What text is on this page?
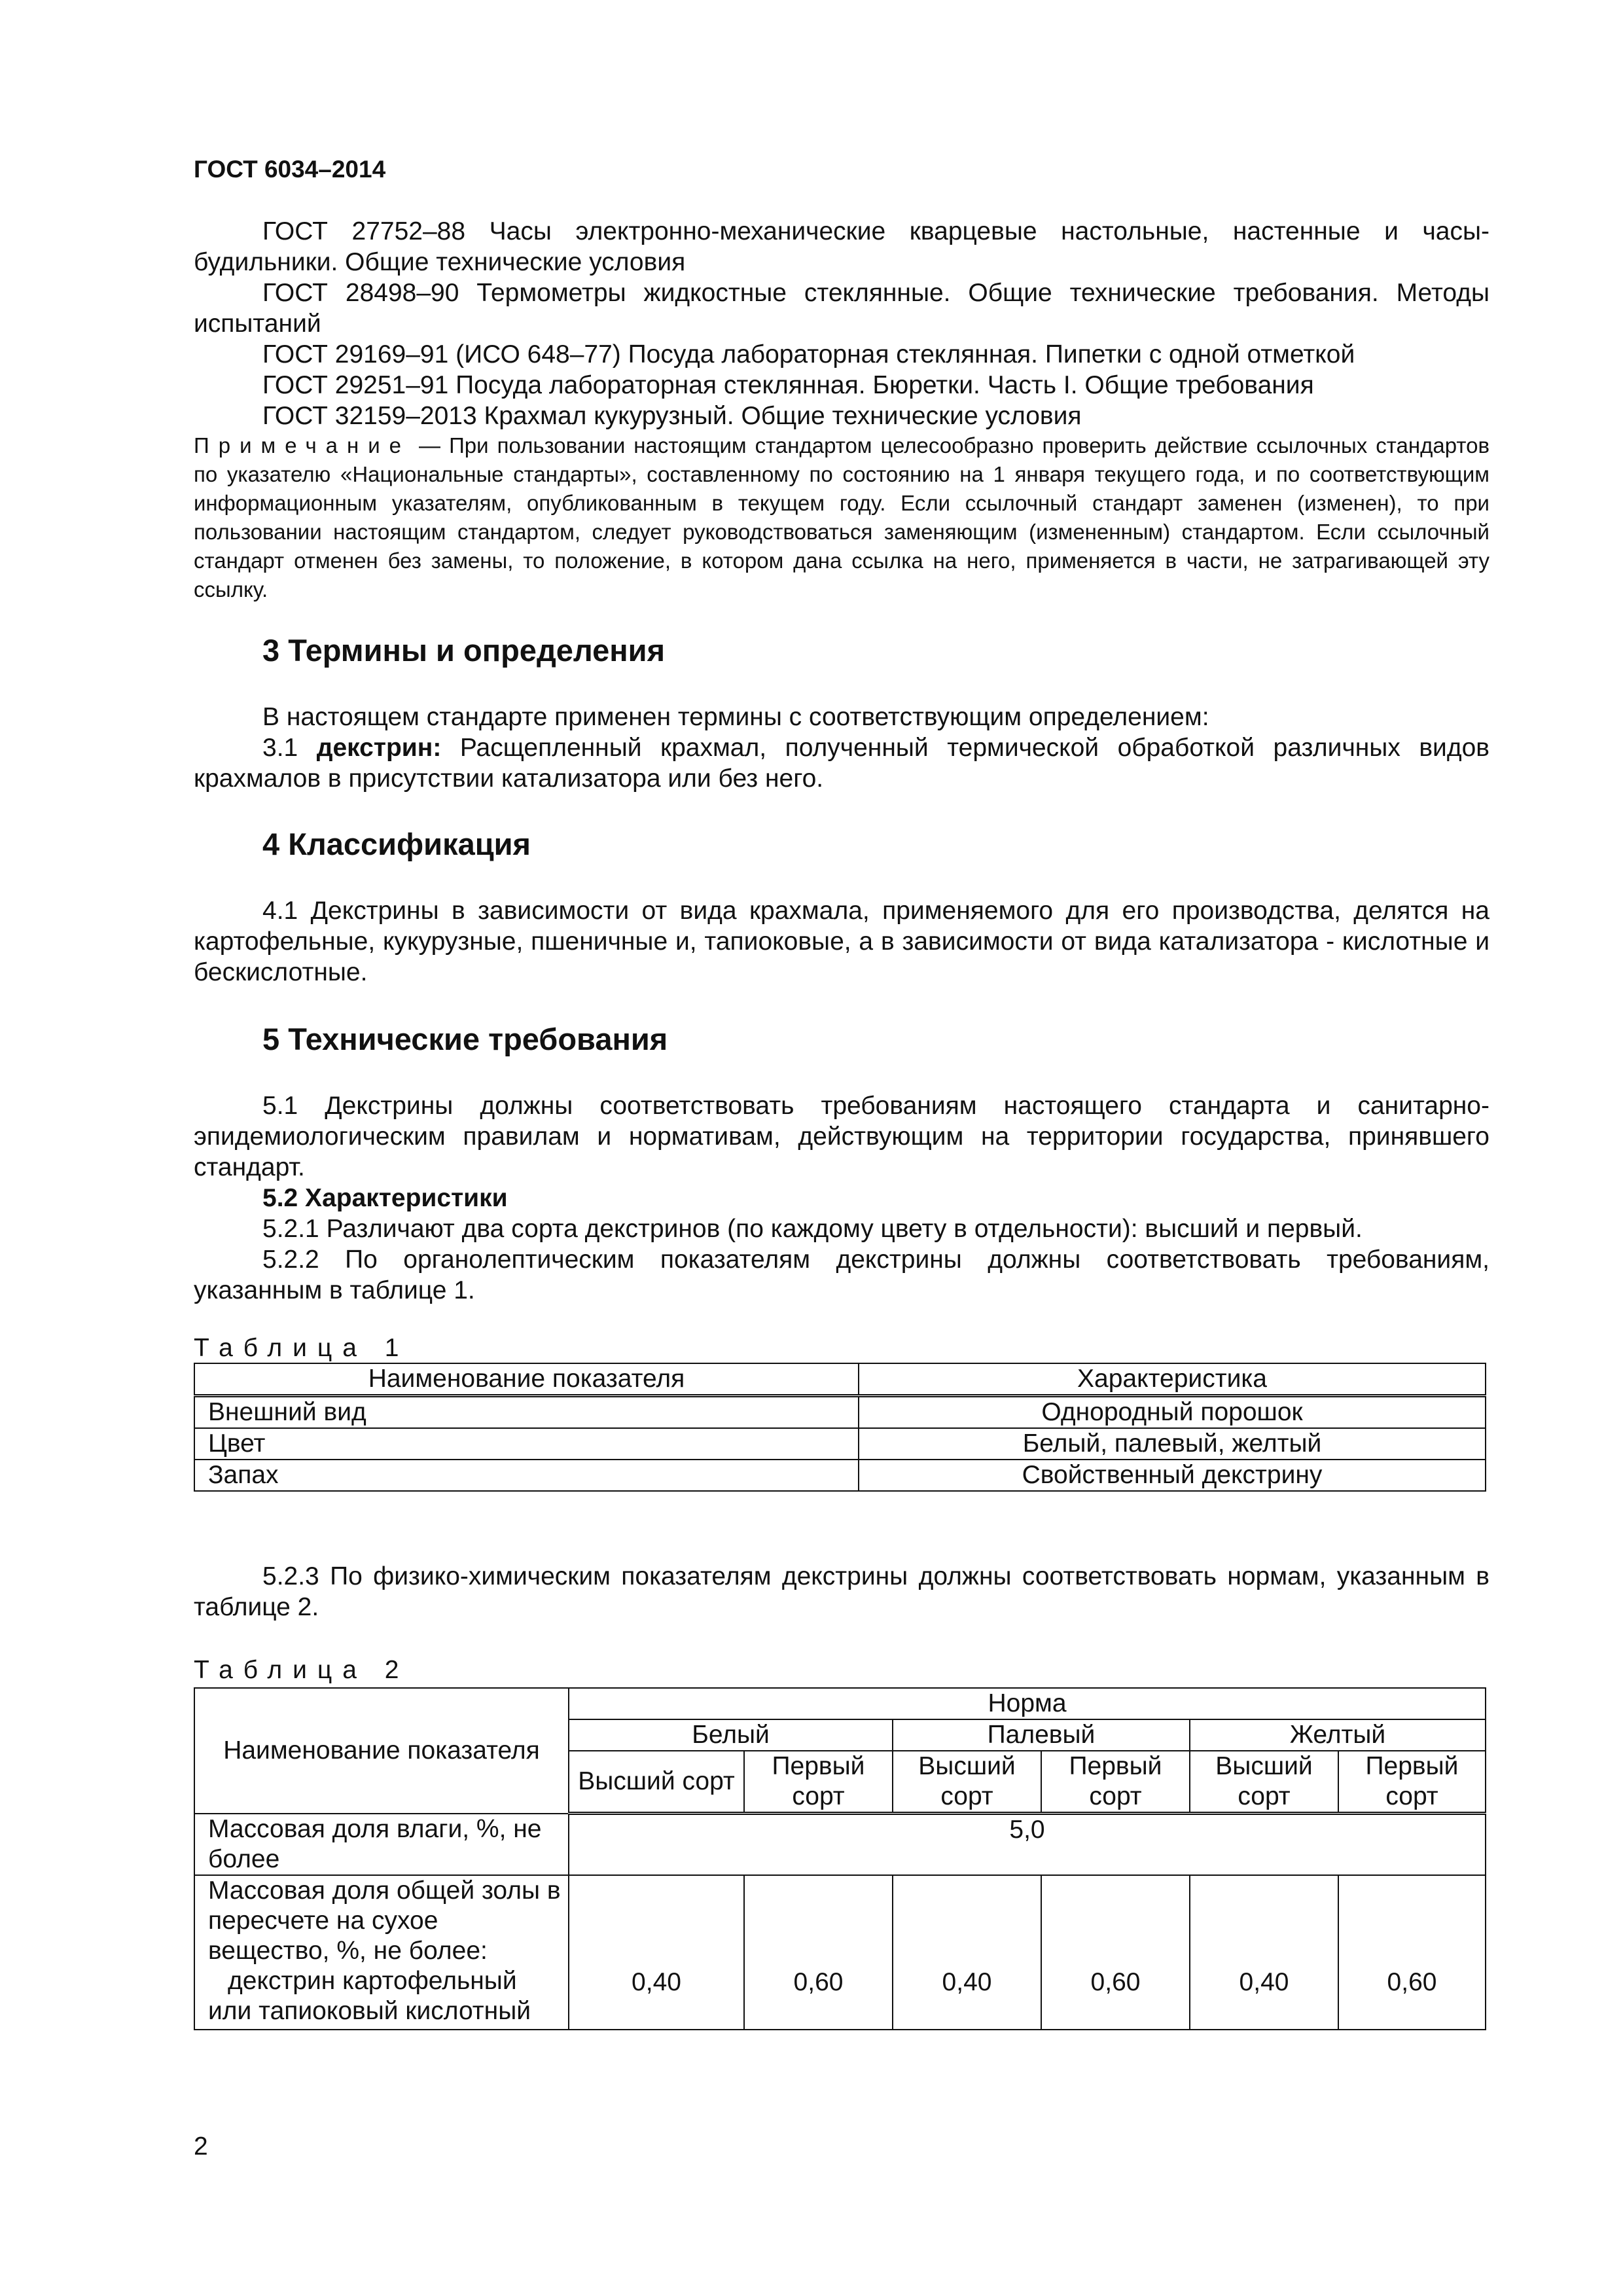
ГОСТ 6034–2014

ГОСТ 27752–88 Часы электронно-механические кварцевые настольные, настенные и часы-будильники. Общие технические условия

ГОСТ 28498–90 Термометры жидкостные стеклянные. Общие технические требования. Методы испытаний

ГОСТ 29169–91 (ИСО 648–77) Посуда лабораторная стеклянная. Пипетки с одной отметкой

ГОСТ 29251–91 Посуда лабораторная стеклянная. Бюретки. Часть I. Общие требования

ГОСТ 32159–2013 Крахмал кукурузный. Общие технические условия

Примечание — При пользовании настоящим стандартом целесообразно проверить действие ссылочных стандартов по указателю «Национальные стандарты», составленному по состоянию на 1 января текущего года, и по соответствующим информационным указателям, опубликованным в текущем году. Если ссылочный стандарт заменен (изменен), то при пользовании настоящим стандартом, следует руководствоваться заменяющим (измененным) стандартом. Если ссылочный стандарт отменен без замены, то положение, в котором дана ссылка на него, применяется в части, не затрагивающей эту ссылку.
3 Термины и определения

В настоящем стандарте применен термины с соответствующим определением:

3.1 декстрин: Расщепленный крахмал, полученный термической обработкой различных видов крахмалов в присутствии катализатора или без него.

4 Классификация

4.1 Декстрины в зависимости от вида крахмала, применяемого для его производства, делятся на картофельные, кукурузные, пшеничные и, тапиоковые, а в зависимости от вида катализатора - кислотные и бескислотные.

5 Технические требования

5.1 Декстрины должны соответствовать требованиям настоящего стандарта и санитарно-эпидемиологическим правилам и нормативам, действующим на территории государства, принявшего стандарт.

5.2 Характеристики

5.2.1 Различают два сорта декстринов (по каждому цвету в отдельности): высший и первый.

5.2.2 По органолептическим показателям декстрины должны соответствовать требованиям, указанным в таблице 1.

Таблица 1
Наименование показателя	Характеристика
Внешний вид	Однородный порошок
Цвет	Белый, палевый, желтый
Запах	Свойственный декстрину

5.2.3 По физико-химическим показателям декстрины должны соответствовать нормам, указанным в таблице 2.

Таблица 2
Наименование показателя	Норма					
	Белый		Палевый		Желтый	
	Высший сорт	Первый сорт	Высший сорт	Первый сорт	Высший сорт	Первый сорт
Массовая доля влаги, %, не более	5,0					

Массовая доля общей золы в пересчете на сухое вещество, %, не более:
декстрин картофельный или тапиоковый кислотный	0,40	0,60	0,40	0,60	0,40	0,60
2
